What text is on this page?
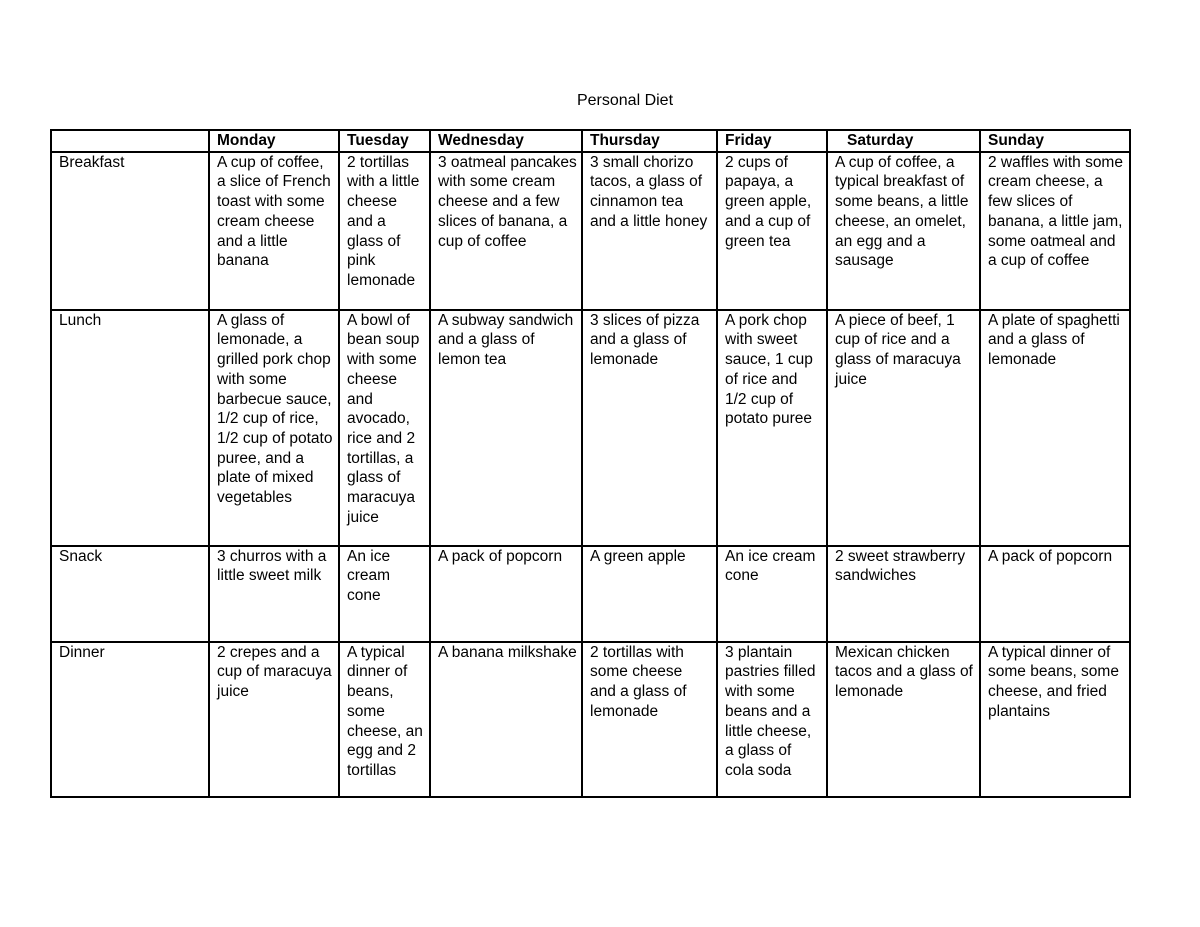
Personal Diet
	Monday	Tuesday	Wednesday	Thursday	Friday	Saturday	Sunday
Breakfast	A cup of coffee, a slice of French toast with some cream cheese and a little banana	2 tortillas with a little cheese and a glass of pink lemonade	3 oatmeal pancakes with some cream cheese and a few slices of banana, a cup of coffee	3 small chorizo tacos, a glass of cinnamon tea and a little honey	2 cups of papaya, a green apple, and a cup of green tea	A cup of coffee, a typical breakfast of some beans, a little cheese, an omelet, an egg and a sausage	2 waffles with some cream cheese, a few slices of banana, a little jam, some oatmeal and a cup of coffee
Lunch	A glass of lemonade, a grilled pork chop with some barbecue sauce, 1/2 cup of rice, 1/2 cup of potato puree, and a plate of mixed vegetables	A bowl of bean soup with some cheese and avocado, rice and 2 tortillas, a glass of maracuya juice	A subway sandwich and a glass of lemon tea	3 slices of pizza and a glass of lemonade	A pork chop with sweet sauce, 1 cup of rice and 1/2 cup of potato puree	A piece of beef, 1 cup of rice and a glass of maracuya juice	A plate of spaghetti and a glass of lemonade
Snack	3 churros with a little sweet milk	An ice cream cone	A pack of popcorn	A green apple	An ice cream cone	2 sweet strawberry sandwiches	A pack of popcorn
Dinner	2 crepes and a cup of maracuya juice	A typical dinner of beans, some cheese, an egg and 2 tortillas	A banana milkshake	2 tortillas with some cheese and a glass of lemonade	3 plantain pastries filled with some beans and a little cheese, a glass of cola soda	Mexican chicken tacos and a glass of lemonade	A typical dinner of some beans, some cheese, and fried plantains
